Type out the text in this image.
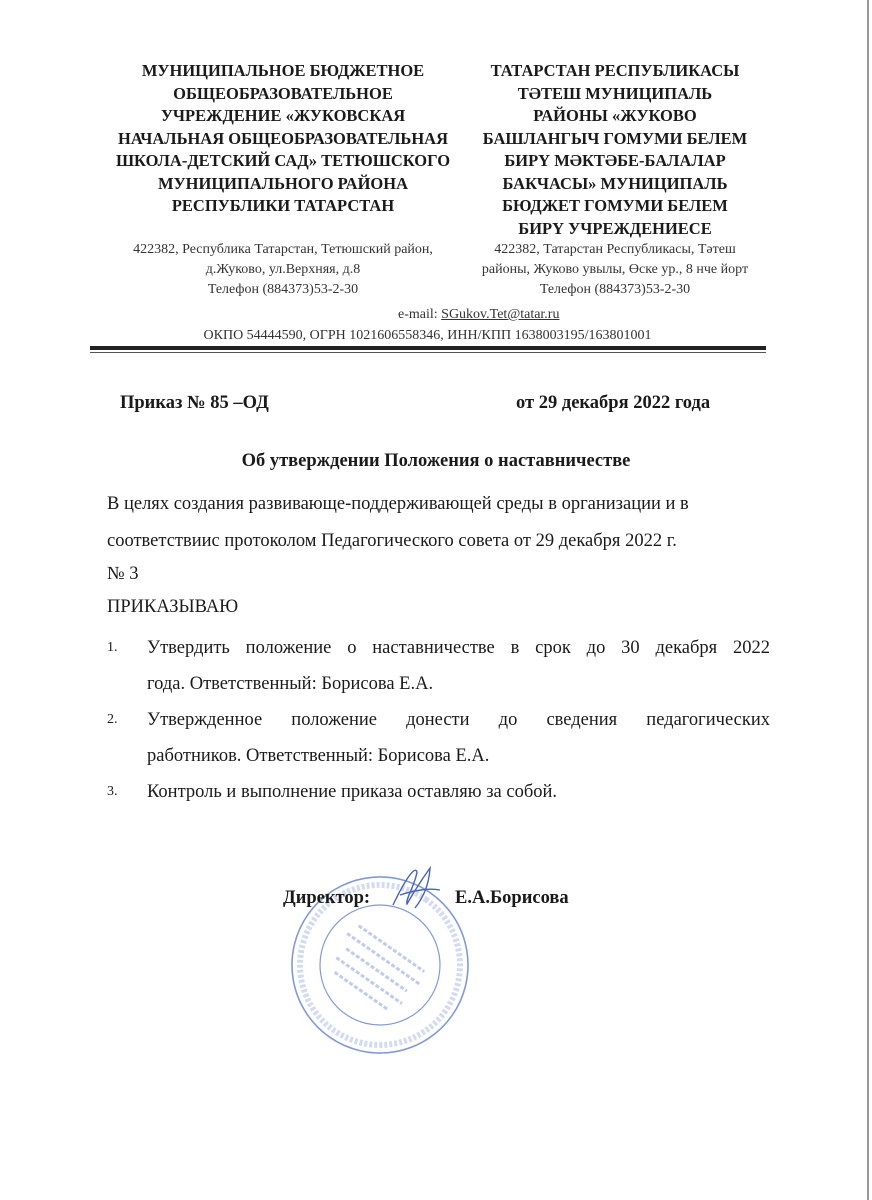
МУНИЦИПАЛЬНОЕ БЮДЖЕТНОЕ
ОБЩЕОБРАЗОВАТЕЛЬНОЕ
УЧРЕЖДЕНИЕ «ЖУКОВСКАЯ
НАЧАЛЬНАЯ ОБЩЕОБРАЗОВАТЕЛЬНАЯ
ШКОЛА-ДЕТСКИЙ САД» ТЕТЮШСКОГО
МУНИЦИПАЛЬНОГО РАЙОНА
РЕСПУБЛИКИ ТАТАРСТАН
422382, Республика Татарстан, Тетюшский район,
д.Жуково, ул.Верхняя, д.8
Телефон (884373)53-2-30
ТАТАРСТАН РЕСПУБЛИКАСЫ
ТӘТЕШ МУНИЦИПАЛЬ
РАЙОНЫ «ЖУКОВО
БАШЛАНГЫЧ ГОМУМИ БЕЛЕМ
БИРҮ МӘКТӘБЕ-БАЛАЛАР
БАКЧАСЫ» МУНИЦИПАЛЬ
БЮДЖЕТ ГОМУМИ БЕЛЕМ
БИРҮ УЧРЕЖДЕНИЕСЕ
422382, Татарстан Республикасы, Тәтеш
районы, Жуково увылы, Өске ур., 8 нче йорт
Телефон (884373)53-2-30
e-mail: SGukov.Tet@tatar.ru
ОКПО 54444590, ОГРН 1021606558346, ИНН/КПП 1638003195/163801001
Приказ № 85 –ОД	от 29 декабря 2022 года
Об утверждении Положения о наставничестве
В целях создания развивающе-поддерживающей среды в организации и в
соответствиис протоколом Педагогического совета от 29 декабря 2022 г.
№ 3
ПРИКАЗЫВАЮ
1.	Утвердить положение о наставничестве в срок до 30 декабря 2022
года. Ответственный: Борисова Е.А.
2.	Утвержденное положение донести до сведения педагогических
работников. Ответственный: Борисова Е.А.
3.	Контроль и выполнение приказа оставляю за собой.
Директор:	Е.А.Борисова
